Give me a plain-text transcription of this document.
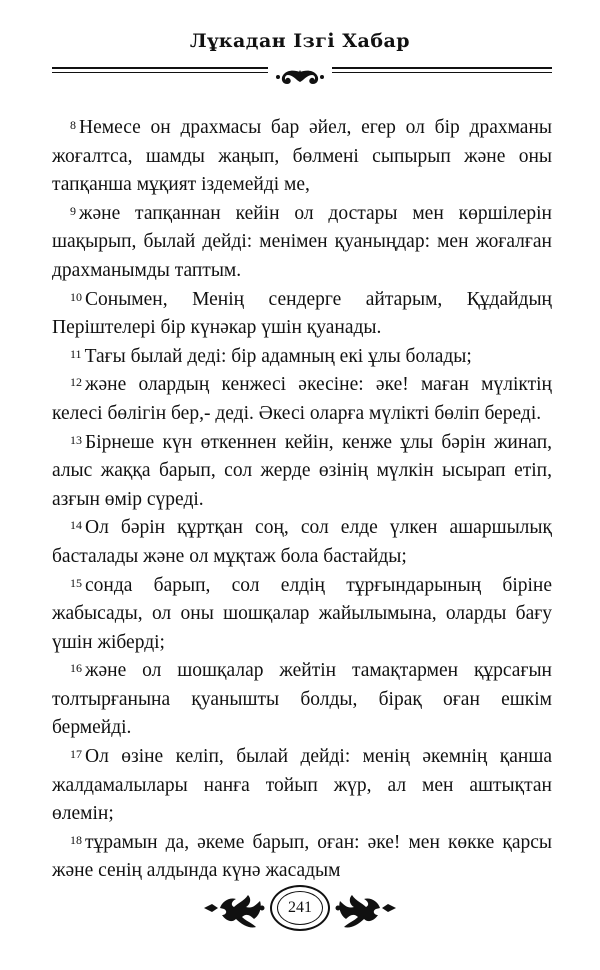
Лұкадан Ізгі Хабар

$^8$ Немесе он драхмасы бар әйел, егер ол бір драхманы жоғалтса, шамды жаңып, бөлмені сыпырып және оны тапқанша мұқият іздемейді ме,

$^9$ және тапқаннан кейін ол достары мен көршілерін шақырып, былай дейді: менімен қуаныңдар: мен жоғалған драхманымды таптым.

$^{10}$ Сонымен, Менің сендерге айтарым, Құдайдың Періштелері бір күнәкар үшін қуанады.

$^{11}$ Тағы былай деді: бір адамның екі ұлы болады;

$^{12}$ және олардың кенжесі әкесіне: әке! маған мүліктің келесі бөлігін бер,- деді. Әкесі оларға мүлікті бөліп береді.

$^{13}$ Бірнеше күн өткеннен кейін, кенже ұлы бәрін жинап, алыс жаққа барып, сол жерде өзінің мүлкін ысырап етіп, азғын өмір сүреді.

$^{14}$ Ол бәрін құртқан соң, сол елде үлкен ашаршылық басталады және ол мұқтаж бола бастайды;

$^{15}$ сонда барып, сол елдің тұрғындарының біріне жабысады, ол оны шошқалар жайылымына, оларды бағу үшін жіберді;

$^{16}$ және ол шошқалар жейтін тамақтармен құрсағын толтырғанына қуанышты болды, бірақ оған ешкім бермейді.

$^{17}$ Ол өзіне келіп, былай дейді: менің әкемнің қанша жалдамалылары нанға тойып жүр, ал мен аштықтан өлемін;

$^{18}$ тұрамын да, әкеме барып, оған: әке! мен көкке қарсы және сенің алдында күнә жасадым

241
